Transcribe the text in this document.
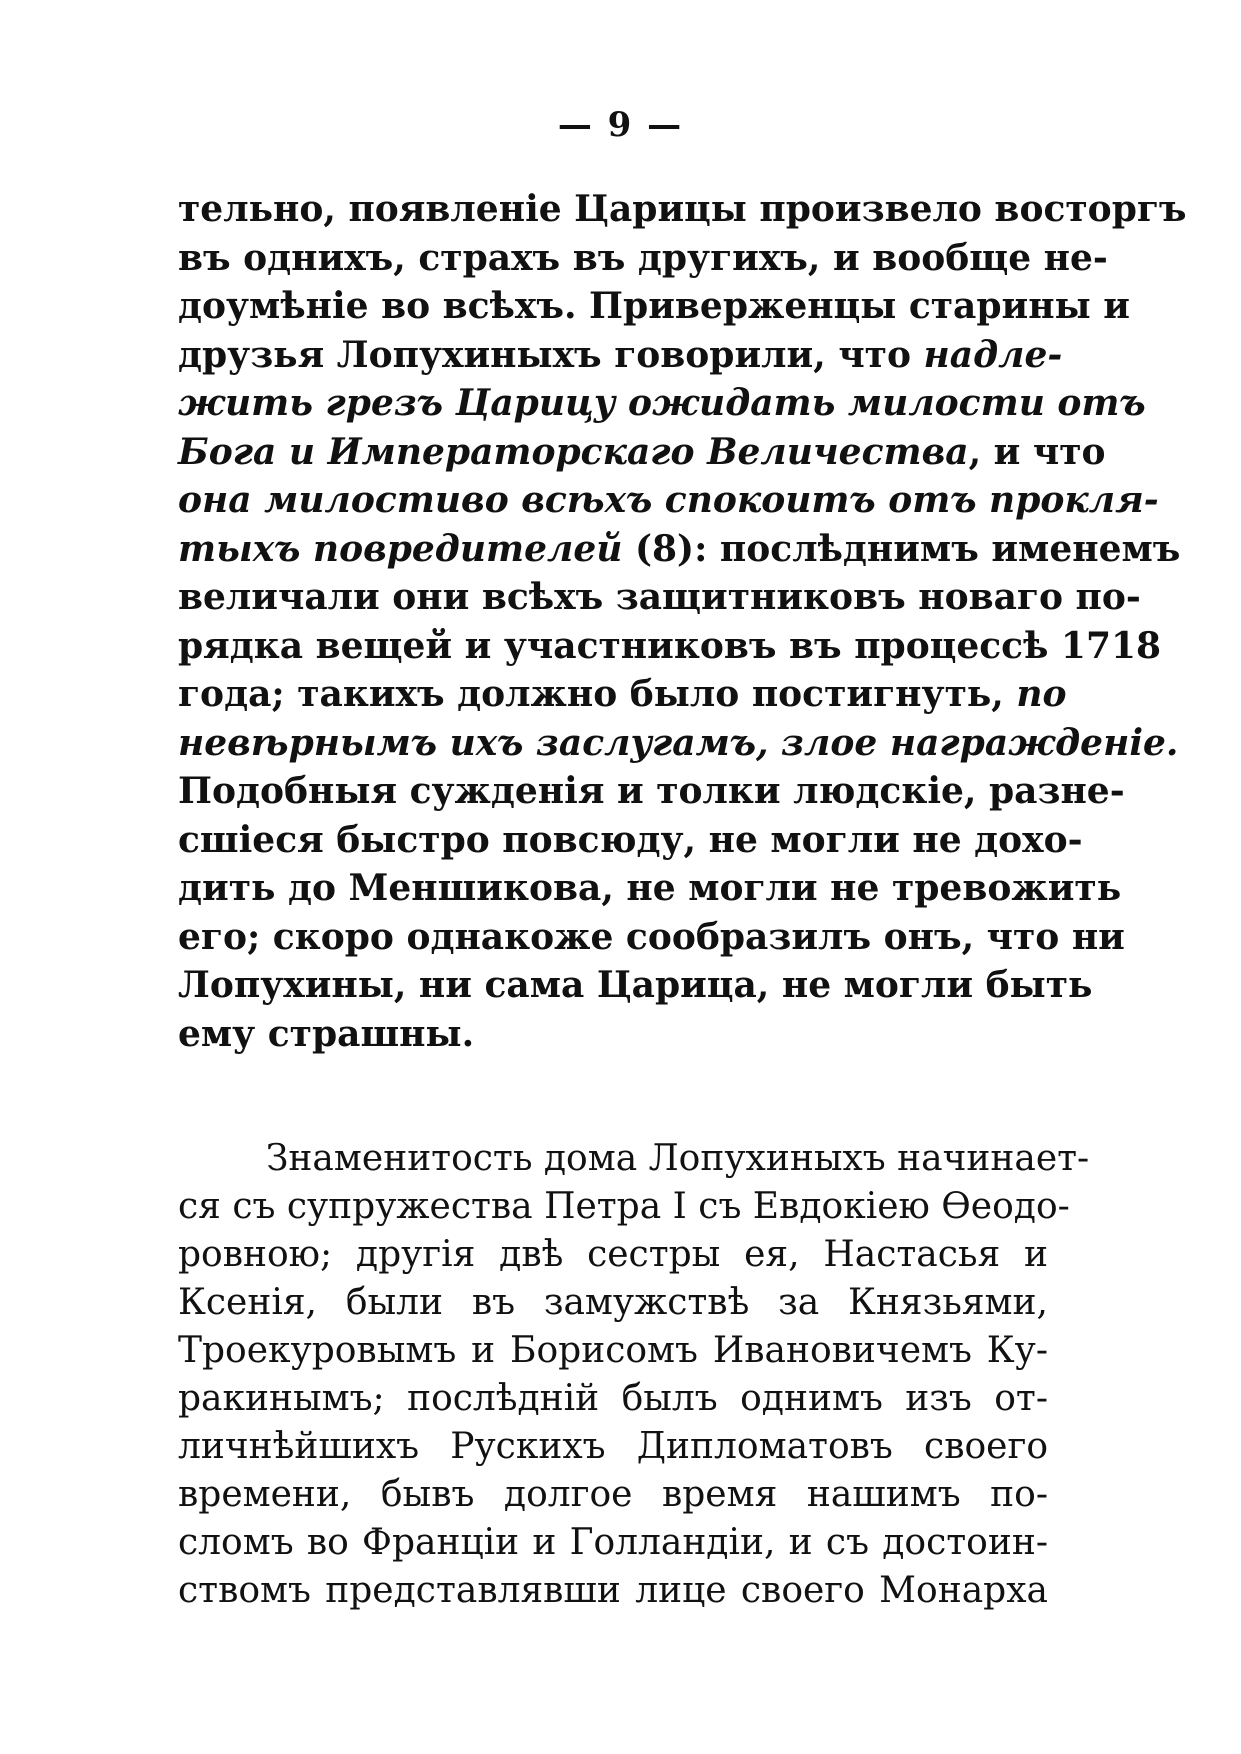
— 9 —
тельно, появленіе Царицы произвело восторгъ
въ однихъ, страхъ въ другихъ, и вообще не-
доумѣніе во всѣхъ. Приверженцы старины и
друзья Лопухиныхъ говорили, что надле-
жить грезъ Царицу ожидать милости отъ
Бога и Императорскаго Величества, и что
она милостиво всѣхъ спокоитъ отъ прокля-
тыхъ повредителей (8): послѣднимъ именемъ
величали они всѣхъ защитниковъ новаго по-
рядка вещей и участниковъ въ процессѣ 1718
года; такихъ должно было постигнуть, по
невѣрнымъ ихъ заслугамъ, злое награжденіе.
Подобныя сужденія и толки людскіе, разне-
сшіеся быстро повсюду, не могли не дохо-
дить до Меншикова, не могли не тревожить
его; скоро однакоже сообразилъ онъ, что ни
Лопухины, ни сама Царица, не могли быть
ему страшны.
Знаменитость дома Лопухиныхъ начинает-
ся съ супружества Петра I съ Евдокіею Ѳеодо-
ровною; другія двѣ сестры ея, Настасья и
Ксенія, были въ замужствѣ за Князьями,
Троекуровымъ и Борисомъ Ивановичемъ Ку-
ракинымъ; послѣдній былъ однимъ изъ от-
личнѣйшихъ Рускихъ Дипломатовъ своего
времени, бывъ долгое время нашимъ по-
сломъ во Франціи и Голландіи, и съ достоин-
ствомъ представлявши лице своего Монарха
